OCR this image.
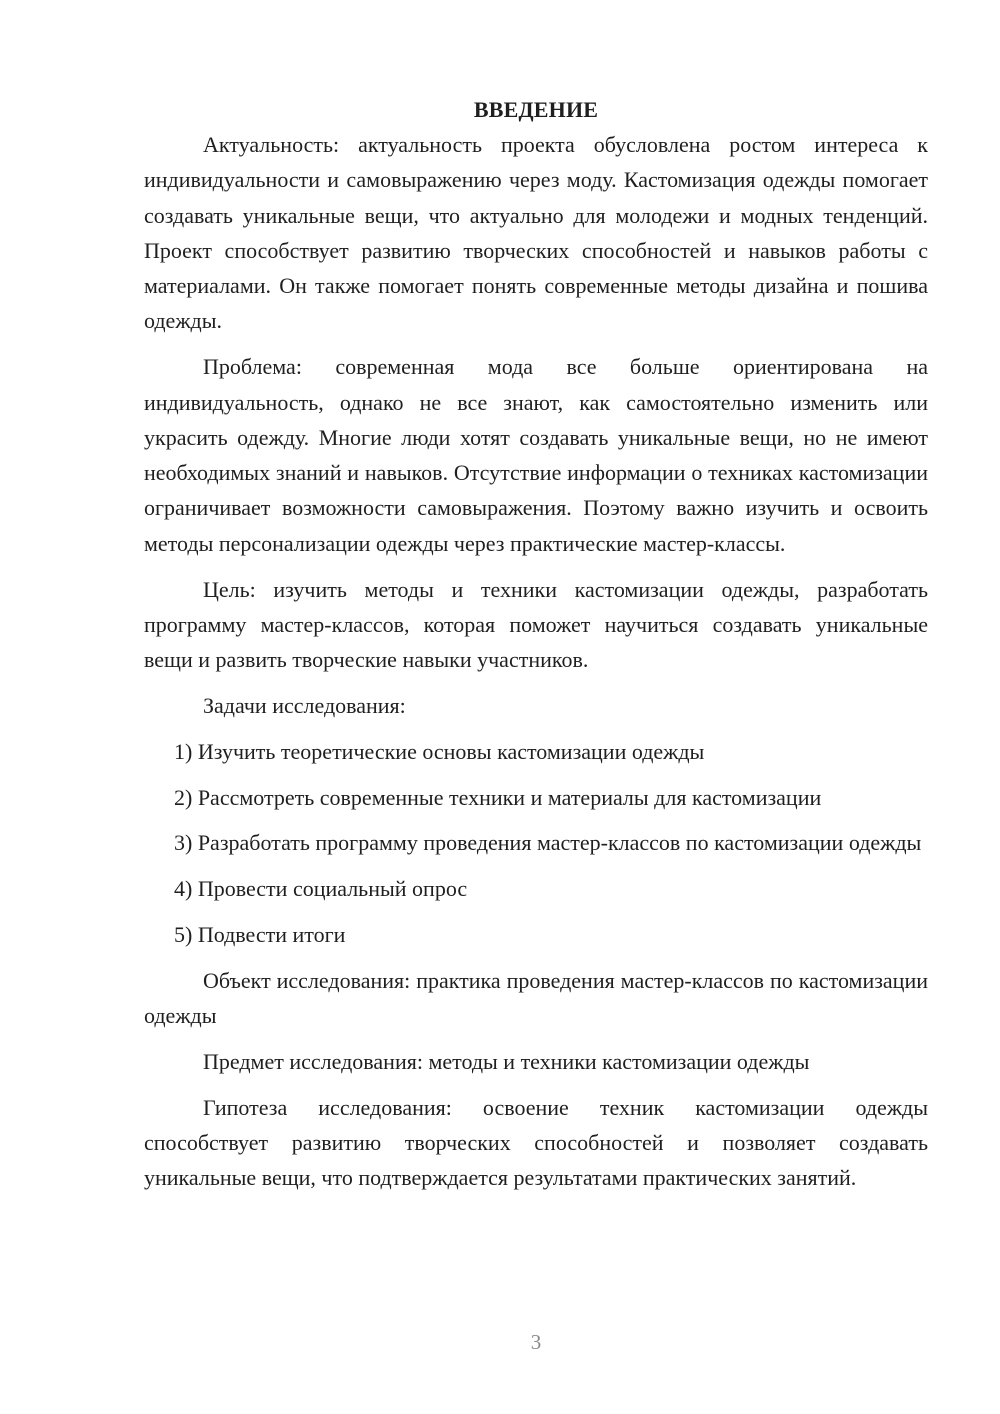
ВВЕДЕНИЕ

Актуальность: актуальность проекта обусловлена ростом интереса к индивидуальности и самовыражению через моду. Кастомизация одежды помогает создавать уникальные вещи, что актуально для молодежи и модных тенденций. Проект способствует развитию творческих способностей и навыков работы с материалами. Он также помогает понять современные методы дизайна и пошива одежды.

Проблема: современная мода все больше ориентирована на индивидуальность, однако не все знают, как самостоятельно изменить или украсить одежду. Многие люди хотят создавать уникальные вещи, но не имеют необходимых знаний и навыков. Отсутствие информации о техниках кастомизации ограничивает возможности самовыражения. Поэтому важно изучить и освоить методы персонализации одежды через практические мастер-классы.

Цель: изучить методы и техники кастомизации одежды, разработать программу мастер-классов, которая поможет научиться создавать уникальные вещи и развить творческие навыки участников.

Задачи исследования:

1) Изучить теоретические основы кастомизации одежды

2) Рассмотреть современные техники и материалы для кастомизации

3) Разработать программу проведения мастер-классов по кастомизации одежды

4) Провести социальный опрос

5) Подвести итоги

Объект исследования: практика проведения мастер-классов по кастомизации одежды

Предмет исследования: методы и техники кастомизации одежды

Гипотеза исследования: освоение техник кастомизации одежды способствует развитию творческих способностей и позволяет создавать уникальные вещи, что подтверждается результатами практических занятий.

3
